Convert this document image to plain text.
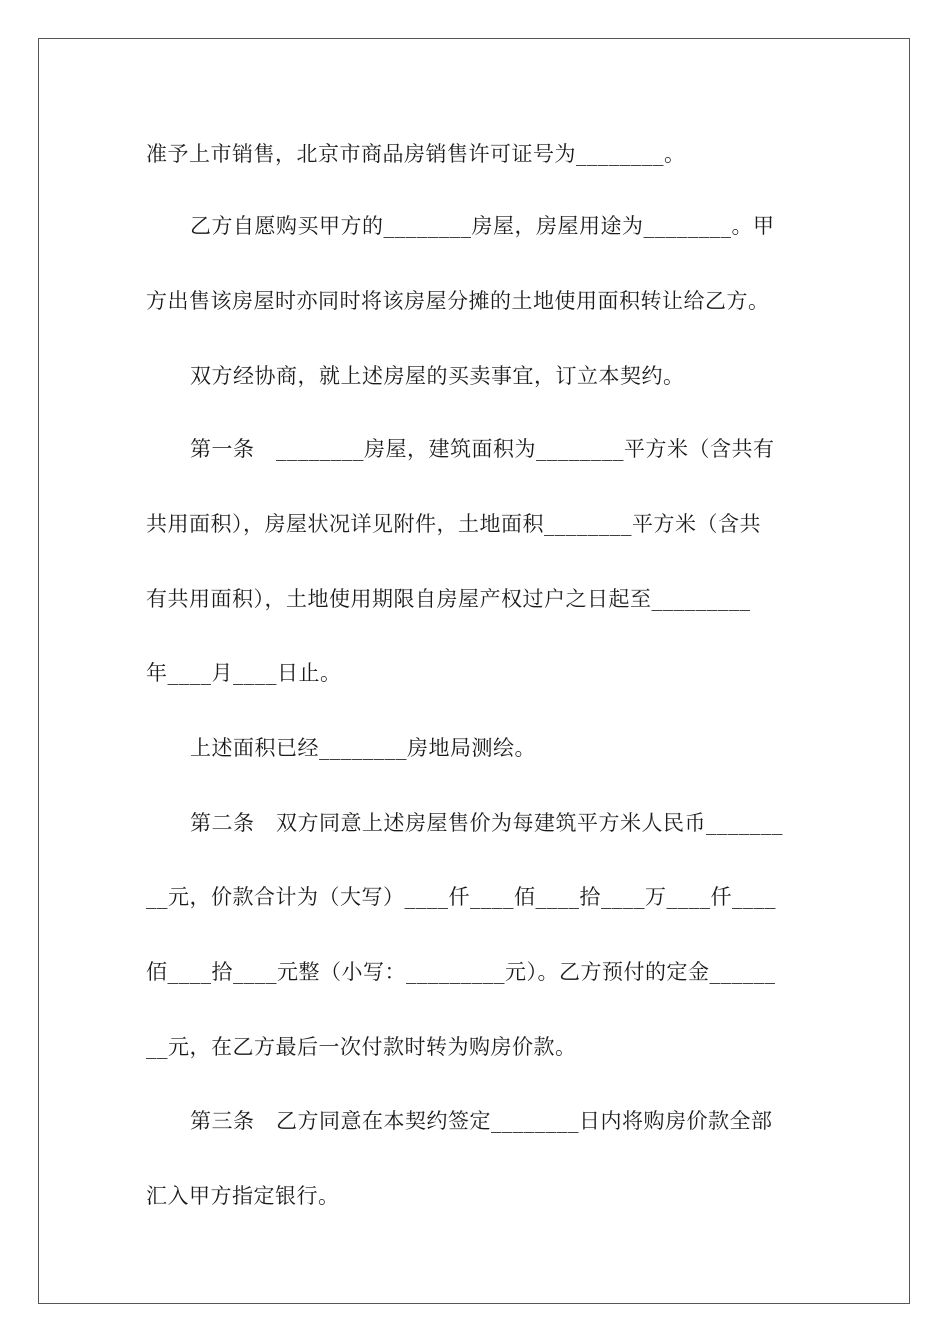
准予上市销售，北京市商品房销售许可证号为________。
乙方自愿购买甲方的________房屋，房屋用途为________。甲
方出售该房屋时亦同时将该房屋分摊的土地使用面积转让给乙方。
双方经协商，就上述房屋的买卖事宜，订立本契约。
第一条　________房屋，建筑面积为________平方米（含共有
共用面积），房屋状况详见附件，土地面积________平方米（含共
有共用面积），土地使用期限自房屋产权过户之日起至_________
年____月____日止。
上述面积已经________房地局测绘。
第二条　双方同意上述房屋售价为每建筑平方米人民币_______
__元，价款合计为（大写）____仟____佰____拾____万____仟____
佰____拾____元整（小写：_________元）。乙方预付的定金______
__元，在乙方最后一次付款时转为购房价款。
第三条　乙方同意在本契约签定________日内将购房价款全部
汇入甲方指定银行。
